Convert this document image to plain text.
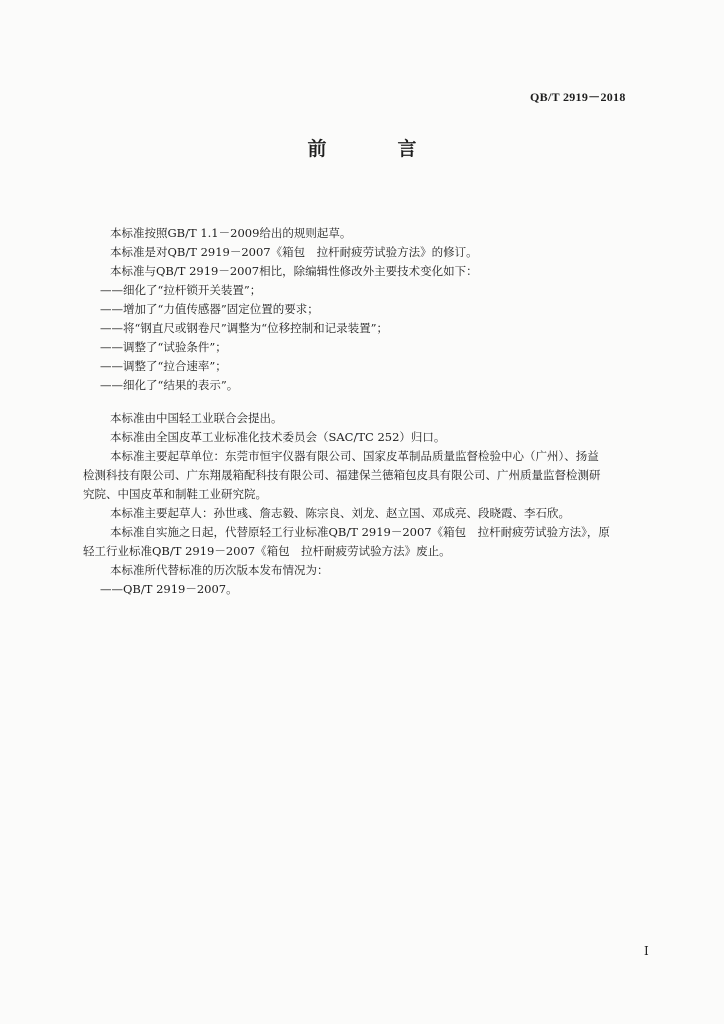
QB/T 2919－2018
前　言

本标准按照GB/T 1.1－2009给出的规则起草。

本标准是对QB/T 2919－2007《箱包　拉杆耐疲劳试验方法》的修订。

本标准与QB/T 2919－2007相比，除编辑性修改外主要技术变化如下：

——细化了“拉杆锁开关装置”；

——增加了“力值传感器”固定位置的要求；

——将“钢直尺或钢卷尺”调整为“位移控制和记录装置”；

——调整了“试验条件”；

——调整了“拉合速率”；

——细化了“结果的表示”。

本标准由中国轻工业联合会提出。

本标准由全国皮革工业标准化技术委员会（SAC/TC 252）归口。

本标准主要起草单位：东莞市恒宇仪器有限公司、国家皮革制品质量监督检验中心（广州）、扬益

检测科技有限公司、广东翔晟箱配科技有限公司、福建保兰德箱包皮具有限公司、广州质量监督检测研

究院、中国皮革和制鞋工业研究院。

本标准主要起草人：孙世彧、詹志毅、陈宗良、刘龙、赵立国、邓成亮、段晓霞、李石欣。

本标准自实施之日起，代替原轻工行业标准QB/T 2919－2007《箱包　拉杆耐疲劳试验方法》，原

轻工行业标准QB/T 2919－2007《箱包　拉杆耐疲劳试验方法》废止。

本标准所代替标准的历次版本发布情况为：

——QB/T 2919－2007。

I
